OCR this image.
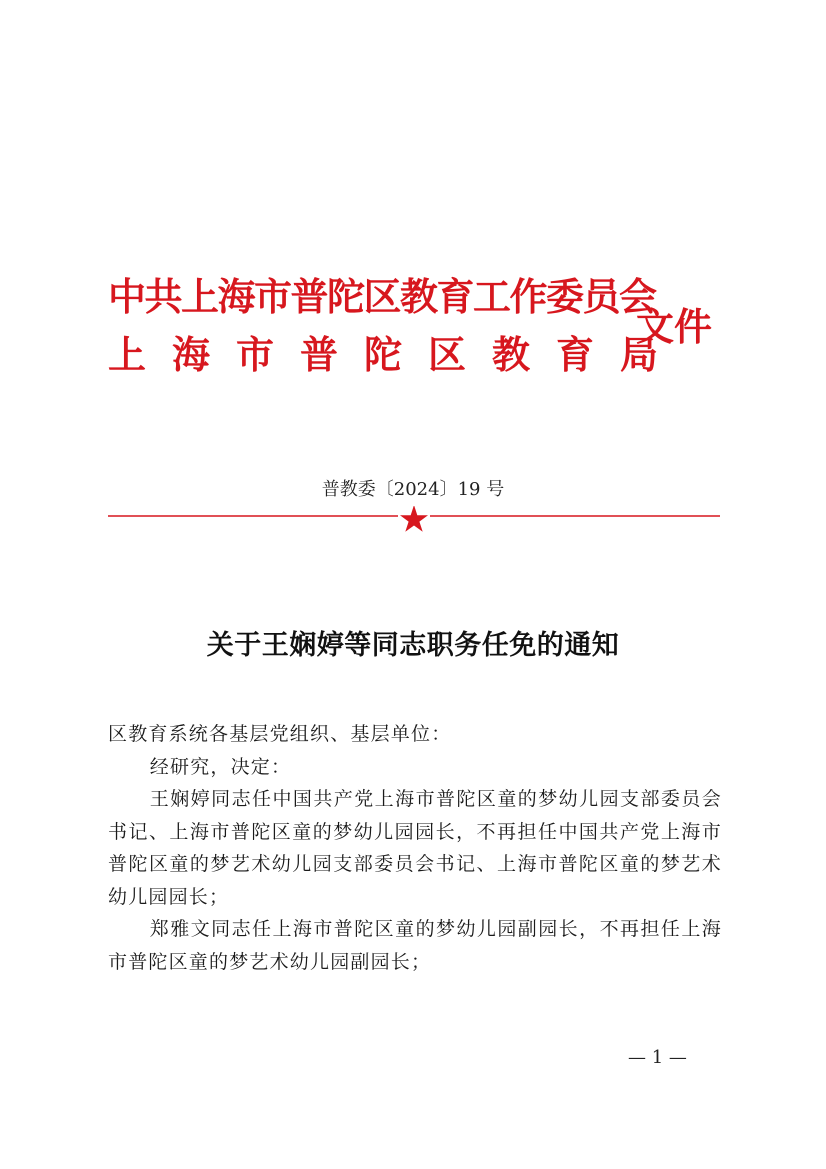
中共上海市普陀区教育工作委员会
上海市普陀区教育局
文件
普教委〔2024〕19 号
关于王娴婷等同志职务任免的通知

区教育系统各基层党组织、基层单位：

经研究，决定：

王娴婷同志任中国共产党上海市普陀区童的梦幼儿园支部委员会书记、上海市普陀区童的梦幼儿园园长，不再担任中国共产党上海市普陀区童的梦艺术幼儿园支部委员会书记、上海市普陀区童的梦艺术幼儿园园长；

郑雅文同志任上海市普陀区童的梦幼儿园副园长，不再担任上海市普陀区童的梦艺术幼儿园副园长；

— 1 —
